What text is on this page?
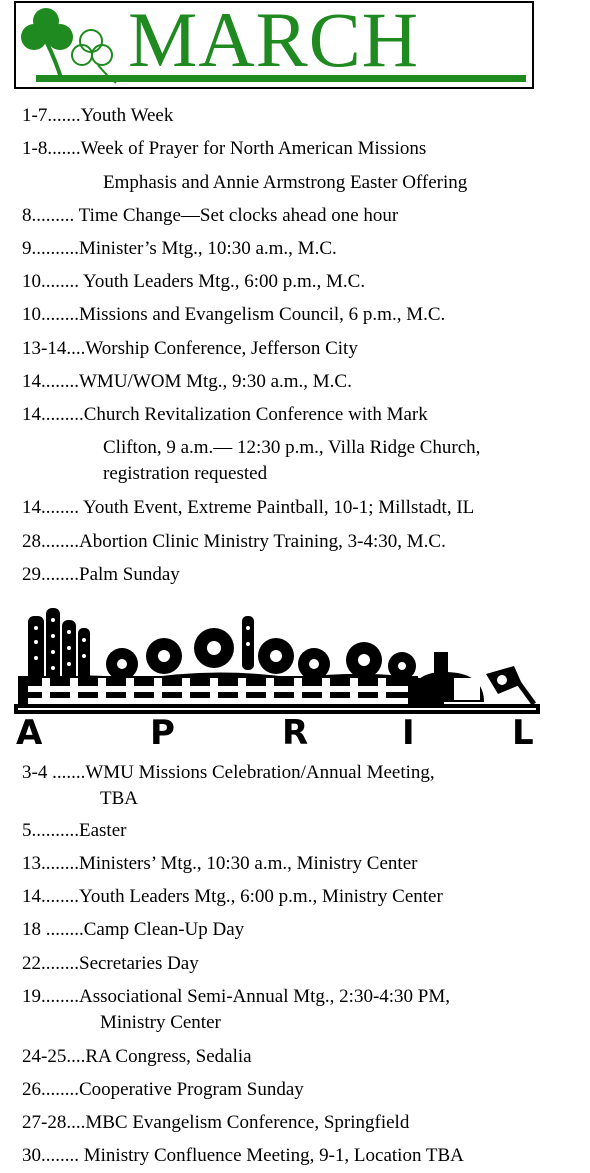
MARCH
1-7.......Youth Week
1-8.......Week of Prayer for North American Missions
Emphasis and Annie Armstrong Easter Offering
8......... Time Change—Set clocks ahead one hour
9..........Minister’s Mtg., 10:30 a.m., M.C.
10........ Youth Leaders Mtg., 6:00 p.m., M.C.
10........Missions and Evangelism Council, 6 p.m., M.C.
13-14....Worship Conference, Jefferson City
14........WMU/WOM Mtg., 9:30 a.m., M.C.
14.........Church Revitalization Conference with Mark
Clifton, 9 a.m.— 12:30 p.m., Villa Ridge Church,
registration requested
14........ Youth Event, Extreme Paintball, 10-1; Millstadt, IL
28........Abortion Clinic Ministry Training, 3-4:30, M.C.
29........Palm Sunday
A	P	R	I	L
3-4 .......WMU Missions Celebration/Annual Meeting,
TBA
5..........Easter
13........Ministers’ Mtg., 10:30 a.m., Ministry Center
14........Youth Leaders Mtg., 6:00 p.m., Ministry Center
18 ........Camp Clean-Up Day
22........Secretaries Day
19........Associational Semi-Annual Mtg., 2:30-4:30 PM,
Ministry Center
24-25....RA Congress, Sedalia
26........Cooperative Program Sunday
27-28....MBC Evangelism Conference, Springfield
30........ Ministry Confluence Meeting, 9-1, Location TBA
